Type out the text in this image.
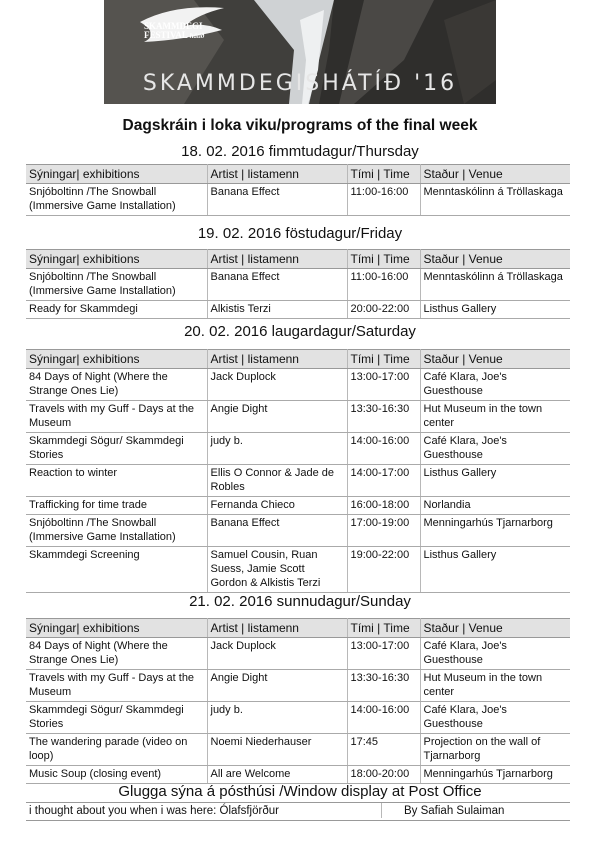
SKAMMDEGI
FESTIVAL hátíð
SKAMMDEGISHÁTÍÐ '16
Dagskráin i loka viku/programs of the final week
18. 02. 2016 fimmtudagur/Thursday
Sýningar| exhibitions	Artist | listamenn	Tími | Time	Staður | Venue
Snjóboltinn /The Snowball (Immersive Game Installation)	Banana Effect	11:00-16:00	Menntaskólinn á Tröllaskaga
19. 02. 2016 föstudagur/Friday
Sýningar| exhibitions	Artist | listamenn	Tími | Time	Staður | Venue
Snjóboltinn /The Snowball (Immersive Game Installation)	Banana Effect	11:00-16:00	Menntaskólinn á Tröllaskaga
Ready for Skammdegi	Alkistis Terzi	20:00-22:00	Listhus Gallery
20. 02. 2016 laugardagur/Saturday
Sýningar| exhibitions	Artist | listamenn	Tími | Time	Staður | Venue
84 Days of Night (Where the Strange Ones Lie)	Jack Duplock	13:00-17:00	Café Klara, Joe's Guesthouse
Travels with my Guff - Days at the Museum	Angie Dight	13:30-16:30	Hut Museum in the town center
Skammdegi Sögur/ Skammdegi Stories	judy b.	14:00-16:00	Café Klara, Joe's Guesthouse
Reaction to winter	Ellis O Connor & Jade de Robles	14:00-17:00	Listhus Gallery
Trafficking for time trade	Fernanda Chieco	16:00-18:00	Norlandia
Snjóboltinn /The Snowball (Immersive Game Installation)	Banana Effect	17:00-19:00	Menningarhús Tjarnarborg
Skammdegi Screening	Samuel Cousin, Ruan Suess, Jamie Scott Gordon & Alkistis Terzi	19:00-22:00	Listhus Gallery
21. 02. 2016 sunnudagur/Sunday
Sýningar| exhibitions	Artist | listamenn	Tími | Time	Staður | Venue
84 Days of Night (Where the Strange Ones Lie)	Jack Duplock	13:00-17:00	Café Klara, Joe's Guesthouse
Travels with my Guff - Days at the Museum	Angie Dight	13:30-16:30	Hut Museum in the town center
Skammdegi Sögur/ Skammdegi Stories	judy b.	14:00-16:00	Café Klara, Joe's Guesthouse
The wandering parade (video on loop)	Noemi Niederhauser	17:45	Projection on the wall of Tjarnarborg
Music Soup (closing event)	All are Welcome	18:00-20:00	Menningarhús Tjarnarborg
Glugga sýna á pósthúsi /Window display at Post Office
i thought about you when i was here: Ólafsfjörður	By Safiah Sulaiman
